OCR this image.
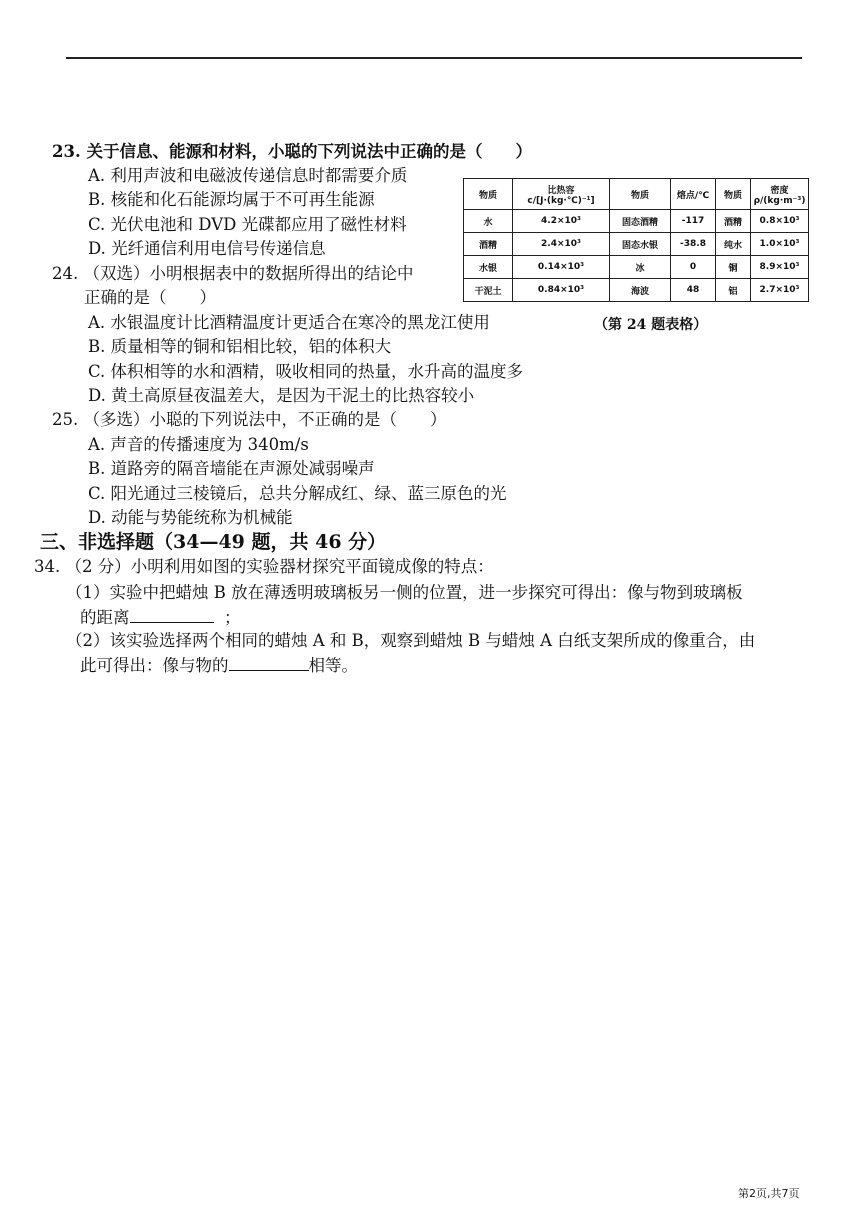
23. 关于信息、能源和材料，小聪的下列说法中正确的是（　　）
A. 利用声波和电磁波传递信息时都需要介质
B. 核能和化石能源均属于不可再生能源
C. 光伏电池和 DVD 光碟都应用了磁性材料
D. 光纤通信利用电信号传递信息
24. （双选）小明根据表中的数据所得出的结论中
正确的是（　　）
A. 水银温度计比酒精温度计更适合在寒冷的黑龙江使用
B. 质量相等的铜和铝相比较，铝的体积大
C. 体积相等的水和酒精，吸收相同的热量，水升高的温度多
D. 黄土高原昼夜温差大，是因为干泥土的比热容较小
物质	比热容 c/[J·(kg·℃)⁻¹]	物质	熔点/℃	物质	密度 ρ/(kg·m⁻³)
水	4.2×10³	固态酒精	-117	酒精	0.8×10³
酒精	2.4×10³	固态水银	-38.8	纯水	1.0×10³
水银	0.14×10³	冰	0	铜	8.9×10³
干泥土	0.84×10³	海波	48	铝	2.7×10³
（第 24 题表格）
25. （多选）小聪的下列说法中，不正确的是（　　）
A. 声音的传播速度为 340m/s
B. 道路旁的隔音墙能在声源处减弱噪声
C. 阳光通过三棱镜后，总共分解成红、绿、蓝三原色的光
D. 动能与势能统称为机械能
三、非选择题（34—49 题，共 46 分）
34. （2 分）小明利用如图的实验器材探究平面镜成像的特点：
（1）实验中把蜡烛 B 放在薄透明玻璃板另一侧的位置，进一步探究可得出：像与物到玻璃板
的距离	；
（2）该实验选择两个相同的蜡烛 A 和 B，观察到蜡烛 B 与蜡烛 A 白纸支架所成的像重合，由
此可得出：像与物的	相等。
第2页,共7页
